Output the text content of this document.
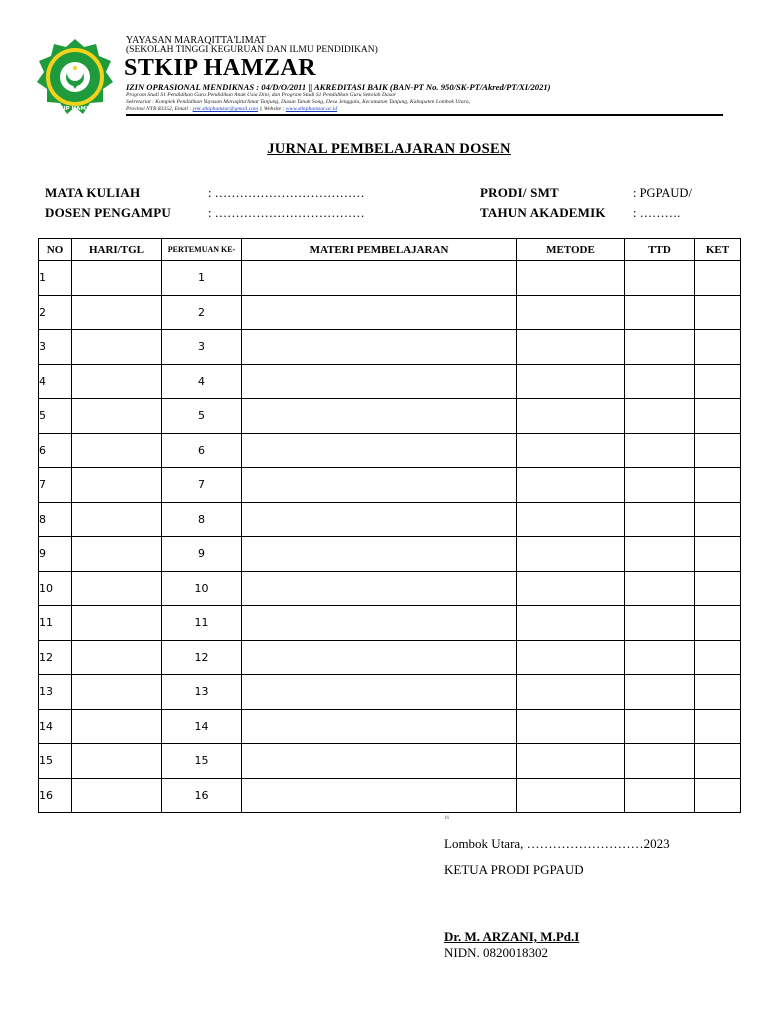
STKIP HAMZAR
YAYASAN MARAQITTA'LIMAT
(SEKOLAH TINGGI KEGURUAN DAN ILMU PENDIDIKAN)
STKIP HAMZAR
IZIN OPRASIONAL MENDIKNAS : 04/D/O/2011 || AKREDITASI BAIK (BAN-PT No. 950/SK-PT/Akred/PT/XI/2021)
Program Studi S1 Pendidikan Guru Pendidikan Anak Usia Dini, dan Program Studi S1 Pendidikan Guru Sekolah Dasar
Sekretariat : Komplek Pendidikan Yayasan Maraqitta'limat Tanjung, Dusun Tanak Song, Desa Jenggala, Kecamatan Tanjung, Kabupaten Lombok Utara,
Provinsi NTB 83352, Email : ymt.stkiphamzar@gmail.com || Website : www.stkiphamzar.ac.id
JURNAL PEMBELAJARAN DOSEN
MATA KULIAH	: ………………………………
DOSEN PENGAMPU	: ………………………………
PRODI/ SMT	: PGPAUD/
TAHUN AKADEMIK : ……….
NO	HARI/TGL	PERTEMUAN KE-	MATERI PEMBELAJARAN	METODE	TTD	KET
1		1				
2		2				
3		3				
4		4				
5		5				
6		6				
7		7				
8		8				
9		9				
10		10				
11		11				
12		12				
13		13				
14		14				
15		15				
16		16				
16
Lombok Utara, ………………………2023
KETUA PRODI PGPAUD
Dr. M. ARZANI, M.Pd.I
NIDN. 0820018302
